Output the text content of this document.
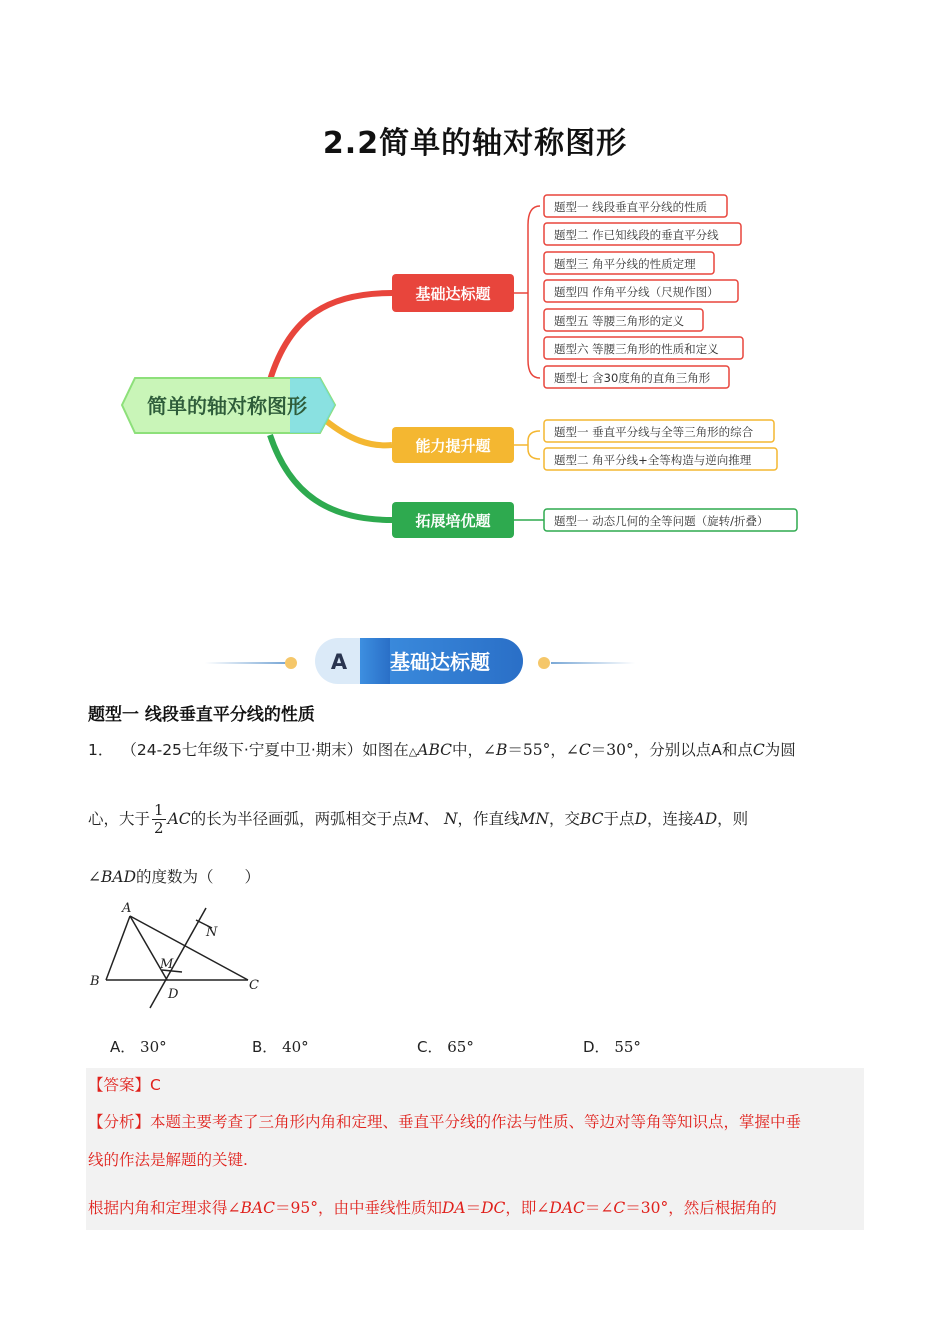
2.2简单的轴对称图形
简单的轴对称图形
基础达标题
能力提升题
拓展培优题
题型一 线段垂直平分线的性质
题型二 作已知线段的垂直平分线
题型三 角平分线的性质定理
题型四 作角平分线（尺规作图）
题型五 等腰三角形的定义
题型六 等腰三角形的性质和定义
题型七 含30度角的直角三角形
题型一 垂直平分线与全等三角形的综合
题型二 角平分线+全等构造与逆向推理
题型一 动态几何的全等问题（旋转/折叠）
A 基础达标题
题型一 线段垂直平分线的性质
1． （24-25七年级下·宁夏中卫·期末）如图在△ABC中，∠B＝55°，∠C＝30°，分别以点A和点C为圆
心，大于 $\frac{1}{2}$ AC的长为半径画弧，两弧相交于点M、 N，作直线MN，交BC于点D，连接AD，则
∠BAD的度数为（　　）
A
B	C
D
M
N
A． 30°	B． 40°	C． 65°	D． 55°
【答案】C
【分析】本题主要考查了三角形内角和定理、垂直平分线的作法与性质、等边对等角等知识点，掌握中垂
线的作法是解题的关键.
根据内角和定理求得∠BAC＝95°，由中垂线性质知DA＝DC，即∠DAC＝∠C＝30°，然后根据角的
